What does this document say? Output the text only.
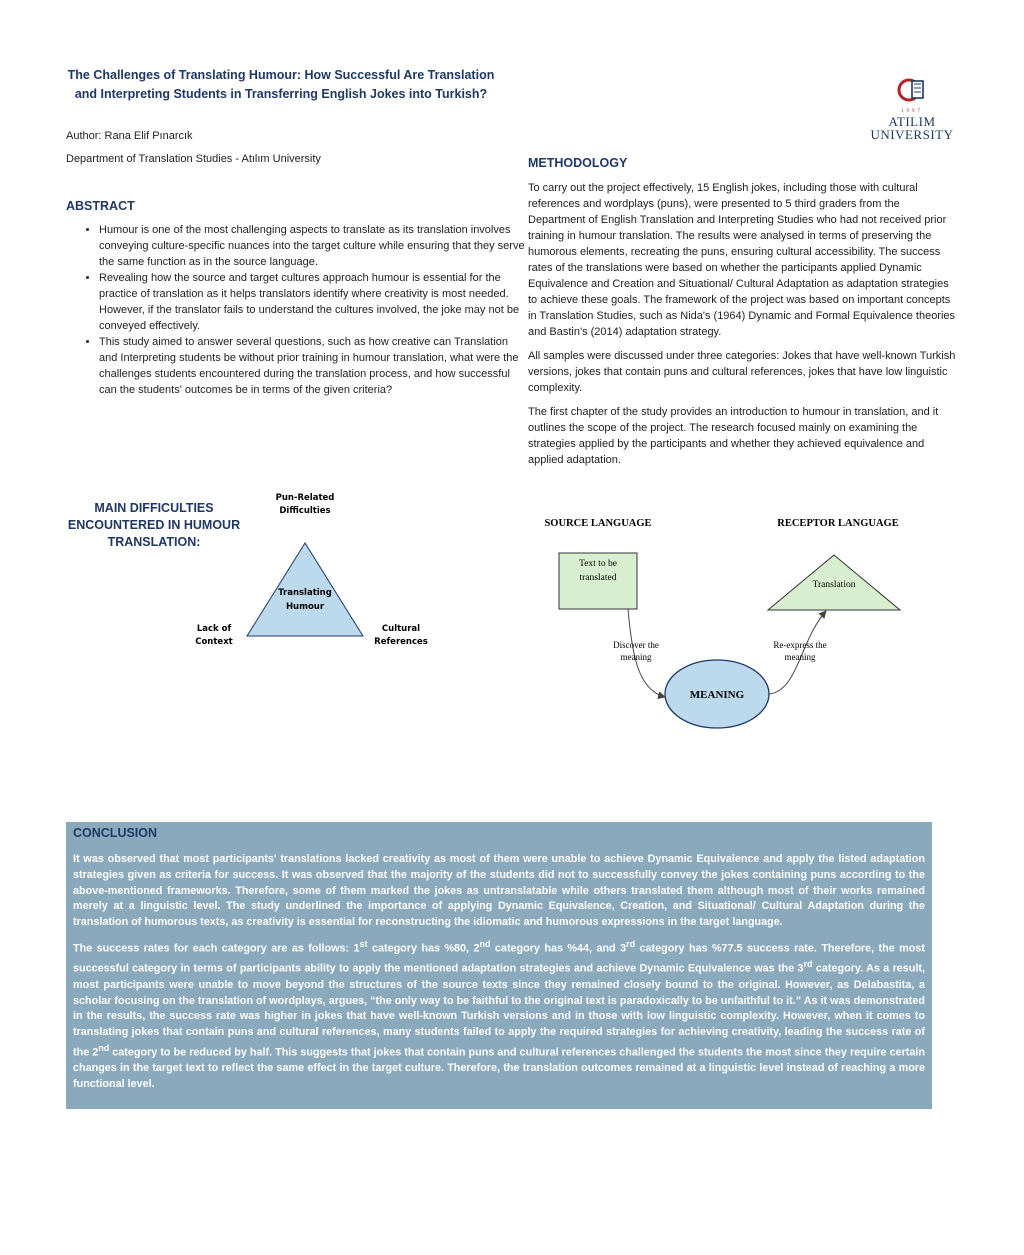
The Challenges of Translating Humour: How Successful Are Translation and Interpreting Students in Transferring English Jokes into Turkish?
Author: Rana Elif Pınarcık
Department of Translation Studies - Atılım University
1997
ATILIM
UNIVERSITY
ABSTRACT
• Humour is one of the most challenging aspects to translate as its translation involves conveying culture-specific nuances into the target culture while ensuring that they serve the same function as in the source language.
• Revealing how the source and target cultures approach humour is essential for the practice of translation as it helps translators identify where creativity is most needed. However, if the translator fails to understand the cultures involved, the joke may not be conveyed effectively.
• This study aimed to answer several questions, such as how creative can Translation and Interpreting students be without prior training in humour translation, what were the challenges students encountered during the translation process, and how successful can the students' outcomes be in terms of the given criteria?
METHODOLOGY

To carry out the project effectively, 15 English jokes, including those with cultural references and wordplays (puns), were presented to 5 third graders from the Department of English Translation and Interpreting Studies who had not received prior training in humour translation. The results were analysed in terms of preserving the humorous elements, recreating the puns, ensuring cultural accessibility. The success rates of the translations were based on whether the participants applied Dynamic Equivalence and Creation and Situational/ Cultural Adaptation as adaptation strategies to achieve these goals. The framework of the project was based on important concepts in Translation Studies, such as Nida's (1964) Dynamic and Formal Equivalence theories and Bastin's (2014) adaptation strategy.

All samples were discussed under three categories: Jokes that have well-known Turkish versions, jokes that contain puns and cultural references, jokes that have low linguistic complexity.

The first chapter of the study provides an introduction to humour in translation, and it outlines the scope of the project. The research focused mainly on examining the strategies applied by the participants and whether they achieved equivalence and applied adaptation.

MAIN DIFFICULTIES ENCOUNTERED IN HUMOUR TRANSLATION:
Pun-Related
Difficulties
Translating
Humour
Lack of
Context
Cultural
References
SOURCE LANGUAGE	RECEPTOR LANGUAGE
Text to be
translated
Translation
MEANING
Discover the
meaning
Re-express the
meaning
CONCLUSION

It was observed that most participants' translations lacked creativity as most of them were unable to achieve Dynamic Equivalence and apply the listed adaptation strategies given as criteria for success. It was observed that the majority of the students did not to successfully convey the jokes containing puns according to the above-mentioned frameworks. Therefore, some of them marked the jokes as untranslatable while others translated them although most of their works remained merely at a linguistic level. The study underlined the importance of applying Dynamic Equivalence, Creation, and Situational/ Cultural Adaptation during the translation of humorous texts, as creativity is essential for reconstructing the idiomatic and humorous expressions in the target language.

The success rates for each category are as follows: 1st category has %80, 2nd category has %44, and 3rd category has %77.5 success rate. Therefore, the most successful category in terms of participants ability to apply the mentioned adaptation strategies and achieve Dynamic Equivalence was the 3rd category. As a result, most participants were unable to move beyond the structures of the source texts since they remained closely bound to the original. However, as Delabastita, a scholar focusing on the translation of wordplays, argues, “the only way to be faithful to the original text is paradoxically to be unfaithful to it.” As it was demonstrated in the results, the success rate was higher in jokes that have well-known Turkish versions and in those with low linguistic complexity. However, when it comes to translating jokes that contain puns and cultural references, many students failed to apply the required strategies for achieving creativity, leading the success rate of the 2nd category to be reduced by half. This suggests that jokes that contain puns and cultural references challenged the students the most since they require certain changes in the target text to reflect the same effect in the target culture. Therefore, the translation outcomes remained at a linguistic level instead of reaching a more functional level.
